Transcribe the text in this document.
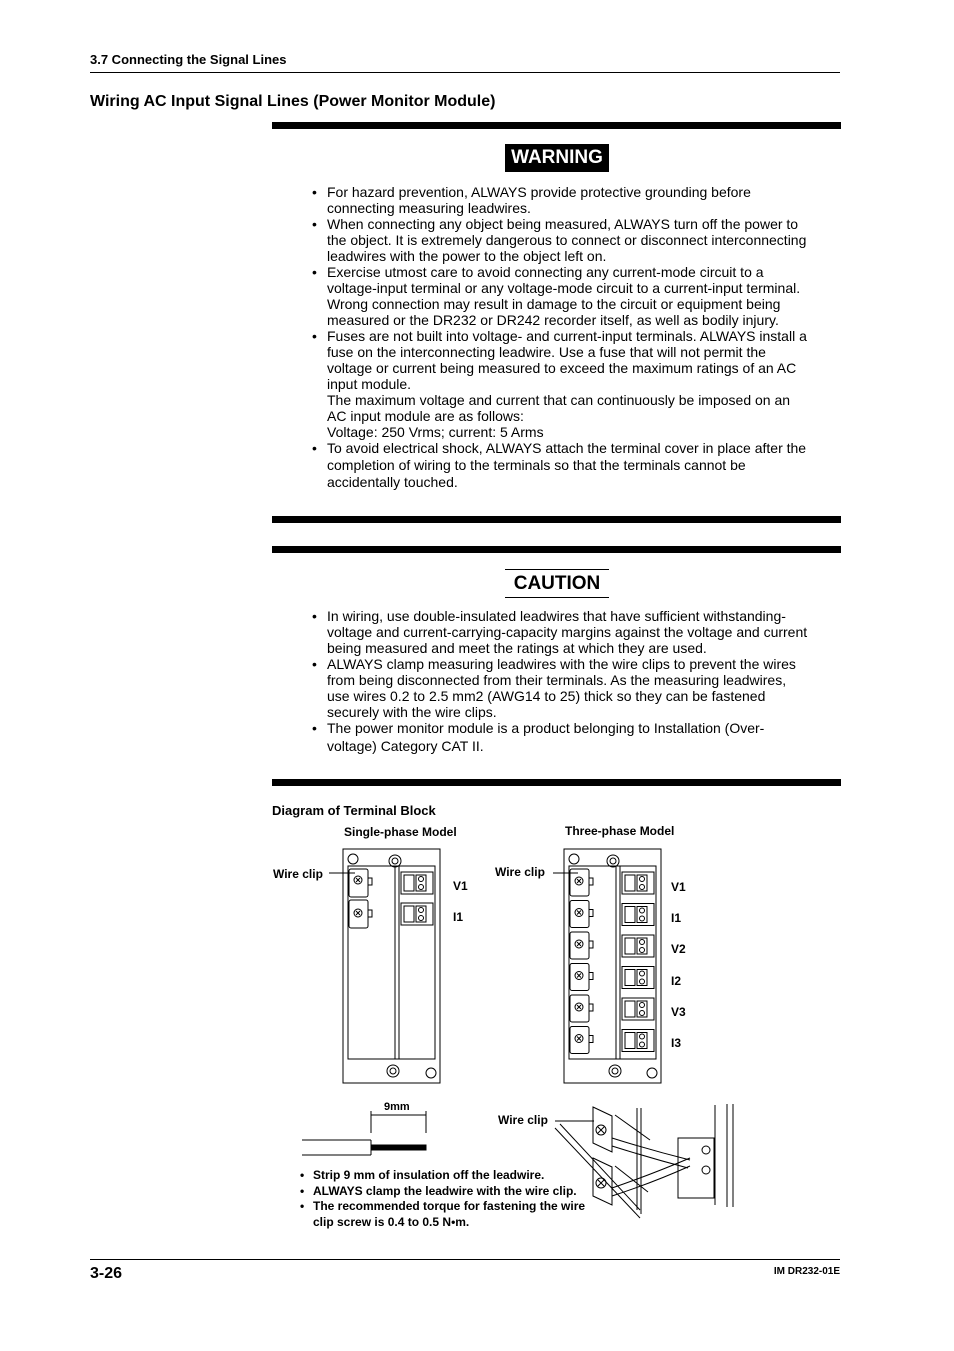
3.7 Connecting the Signal Lines
Wiring AC Input Signal Lines (Power Monitor Module)
WARNING
• For hazard prevention, ALWAYS provide protective grounding before connecting measuring leadwires.
• When connecting any object being measured, ALWAYS turn off the power to the object. It is extremely dangerous to connect or disconnect interconnecting leadwires with the power to the object left on.
• Exercise utmost care to avoid connecting any current-mode circuit to a voltage-input terminal or any voltage-mode circuit to a current-input terminal. Wrong connection may result in damage to the circuit or equipment being measured or the DR232 or DR242 recorder itself, as well as bodily injury.
• Fuses are not built into voltage- and current-input terminals. ALWAYS install a fuse on the interconnecting leadwire. Use a fuse that will not permit the voltage or current being measured to exceed the maximum ratings of an AC input module.
The maximum voltage and current that can continuously be imposed on an AC input module are as follows:
Voltage: 250 Vrms; current: 5 Arms
• To avoid electrical shock, ALWAYS attach the terminal cover in place after the completion of wiring to the terminals so that the terminals cannot be accidentally touched.
CAUTION
• In wiring, use double-insulated leadwires that have sufficient withstanding-voltage and current-carrying-capacity margins against the voltage and current being measured and meet the ratings at which they are used.
• ALWAYS clamp measuring leadwires with the wire clips to prevent the wires from being disconnected from their terminals. As the measuring leadwires, use wires 0.2 to 2.5 mm2 (AWG14 to 25) thick so they can be fastened securely with the wire clips.
• The power monitor module is a product belonging to Installation (Over-voltage) Category CAT II.
Diagram of Terminal Block
Single-phase Model	Three-phase Model
Wire clip	Wire clip
Wire clip
9mm
V1
I1
V1
I1
V2
I2
V3
I3
• Strip 9 mm of insulation off the leadwire.
• ALWAYS clamp the leadwire with the wire clip.
• The recommended torque for fastening the wire clip screw is 0.4 to 0.5 N•m.
3-26	IM DR232-01E
